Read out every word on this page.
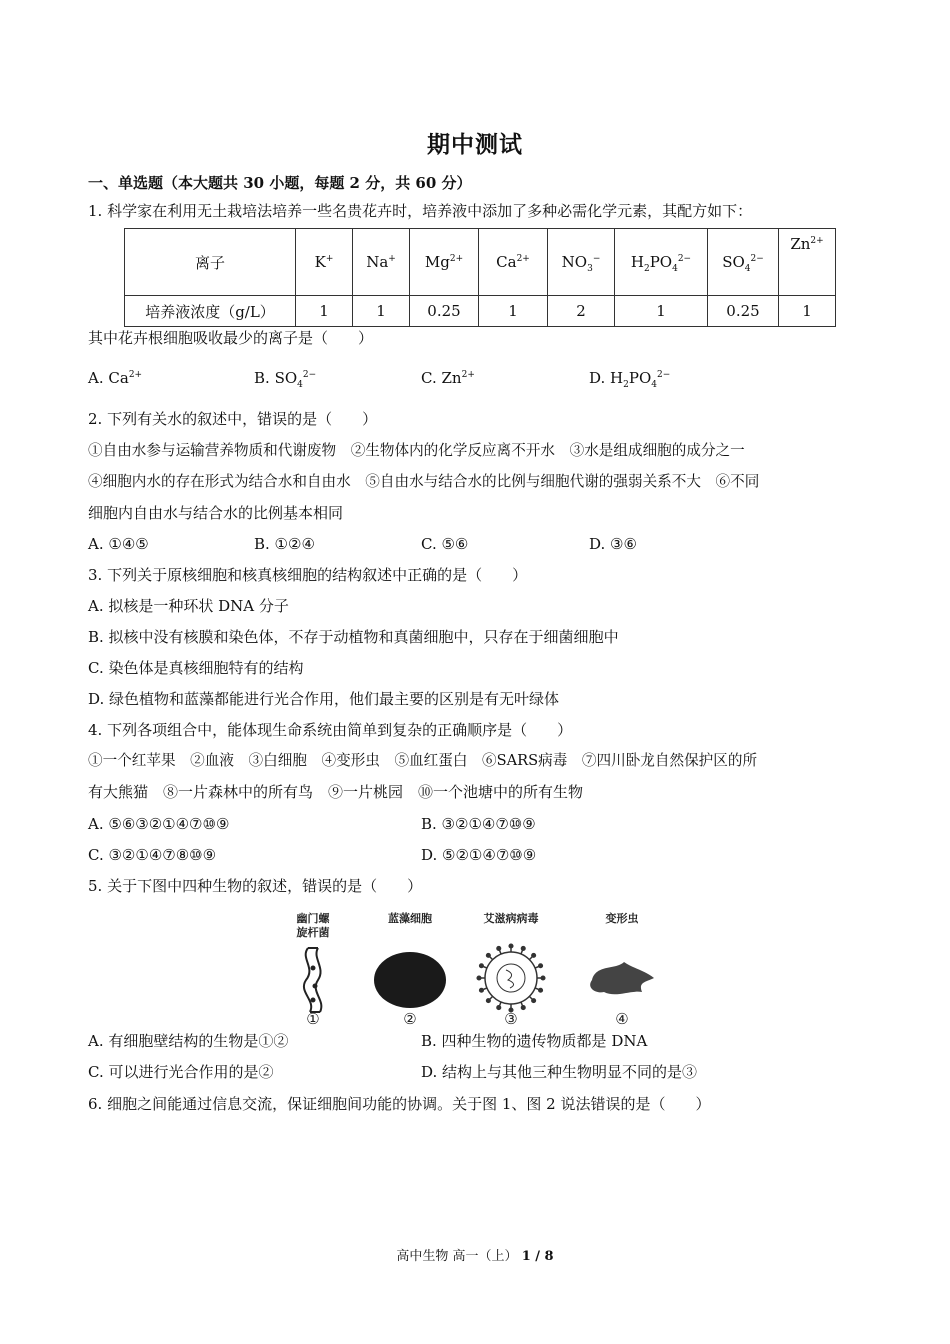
期中测试
一、单选题（本大题共 30 小题，每题 2 分，共 60 分）
1. 科学家在利用无土栽培法培养一些名贵花卉时，培养液中添加了多种必需化学元素，其配方如下：
离子	K+	Na+	$Mg^{2+}$	$Ca^{2+}$	$NO_3^-$	$H_2PO_4^{2-}$	$SO_4^{2-}$	$Zn^{2+}$
培养液浓度（g/L）	1	1	0.25	1	2	1	0.25	1
其中花卉根细胞吸收最少的离子是（　　）
A. $Ca^{2+}$	B. $SO_4^{2-}$	C. $Zn^{2+}$	D. $H_2PO_4^{2-}$
2. 下列有关水的叙述中，错误的是（　　）
①自由水参与运输营养物质和代谢废物　②生物体内的化学反应离不开水　③水是组成细胞的成分之一
④细胞内水的存在形式为结合水和自由水　⑤自由水与结合水的比例与细胞代谢的强弱关系不大　⑥不同
细胞内自由水与结合水的比例基本相同
A. ①④⑤	B. ①②④	C. ⑤⑥	D. ③⑥
3. 下列关于原核细胞和核真核细胞的结构叙述中正确的是（　　）
A. 拟核是一种环状 DNA 分子
B. 拟核中没有核膜和染色体，不存于动植物和真菌细胞中，只存在于细菌细胞中
C. 染色体是真核细胞特有的结构
D. 绿色植物和蓝藻都能进行光合作用，他们最主要的区别是有无叶绿体
4. 下列各项组合中，能体现生命系统由简单到复杂的正确顺序是（　　）
①一个红苹果　②血液　③白细胞　④变形虫　⑤血红蛋白　⑥SARS病毒　⑦四川卧龙自然保护区的所
有大熊猫　⑧一片森林中的所有鸟　⑨一片桃园　⑩一个池塘中的所有生物
A. ⑤⑥③②①④⑦⑩⑨	B. ③②①④⑦⑩⑨
C. ③②①④⑦⑧⑩⑨	D. ⑤②①④⑦⑩⑨
5. 关于下图中四种生物的叙述，错误的是（　　）
幽门螺旋杆菌
蓝藻细胞	艾滋病病毒	变形虫
①	②	③	④
A. 有细胞壁结构的生物是①②	B. 四种生物的遗传物质都是 DNA
C. 可以进行光合作用的是②	D. 结构上与其他三种生物明显不同的是③
6. 细胞之间能通过信息交流，保证细胞间功能的协调。关于图 1、图 2 说法错误的是（　　）
高中生物 高一（上） 1 / 8
